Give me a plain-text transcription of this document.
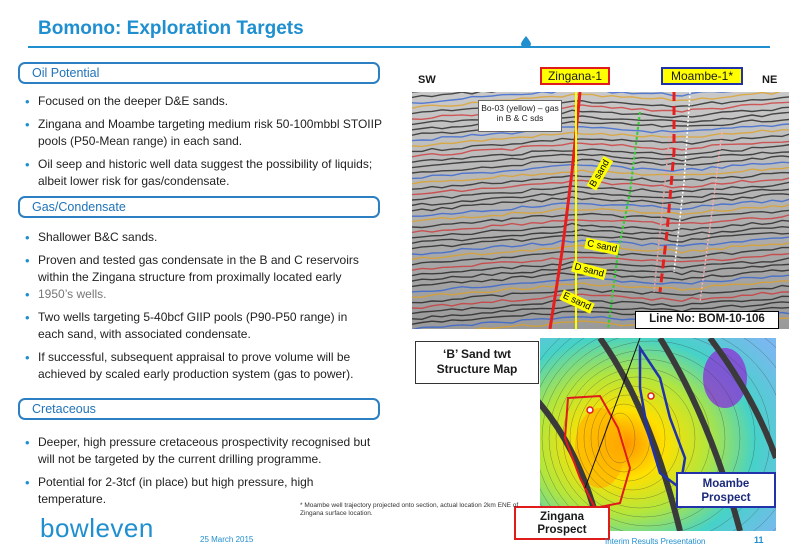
Bomono: Exploration Targets
Oil Potential
• Focused on the deeper D&E sands.
• Zingana and Moambe targeting medium risk 50-100mbbl STOIIP pools (P50-Mean range) in each sand.
• Oil seep and historic well data suggest the possibility of liquids; albeit lower risk for gas/condensate.
Gas/Condensate
• Shallower B&C sands.
• Proven and tested gas condensate in the B and C reservoirs within the Zingana structure from proximally located early
• 1950’s wells.
• Two wells targeting 5-40bcf GIIP pools (P90-P50 range) in each sand, with associated condensate.
• If successful, subsequent appraisal to prove volume will be achieved by scaled early production system (gas to power).
Cretaceous
• Deeper, high pressure cretaceous prospectivity recognised but will not be targeted by the current drilling programme.
• Potential for 2-3tcf (in place) but high pressure, high temperature.
SW	NE
Zingana-1	Moambe-1*
Bo-03 (yellow) – gas in B & C sds
B sand
C sand
D sand
E sand
Line No: BOM-10-106
‘B’ Sand twt
Structure Map
Moambe
Prospect
Zingana
Prospect
* Moambe well trajectory projected onto section, actual location 2km ENE of Zingana surface location.
bowleven	25 March 2015	Interim Results Presentation	11
